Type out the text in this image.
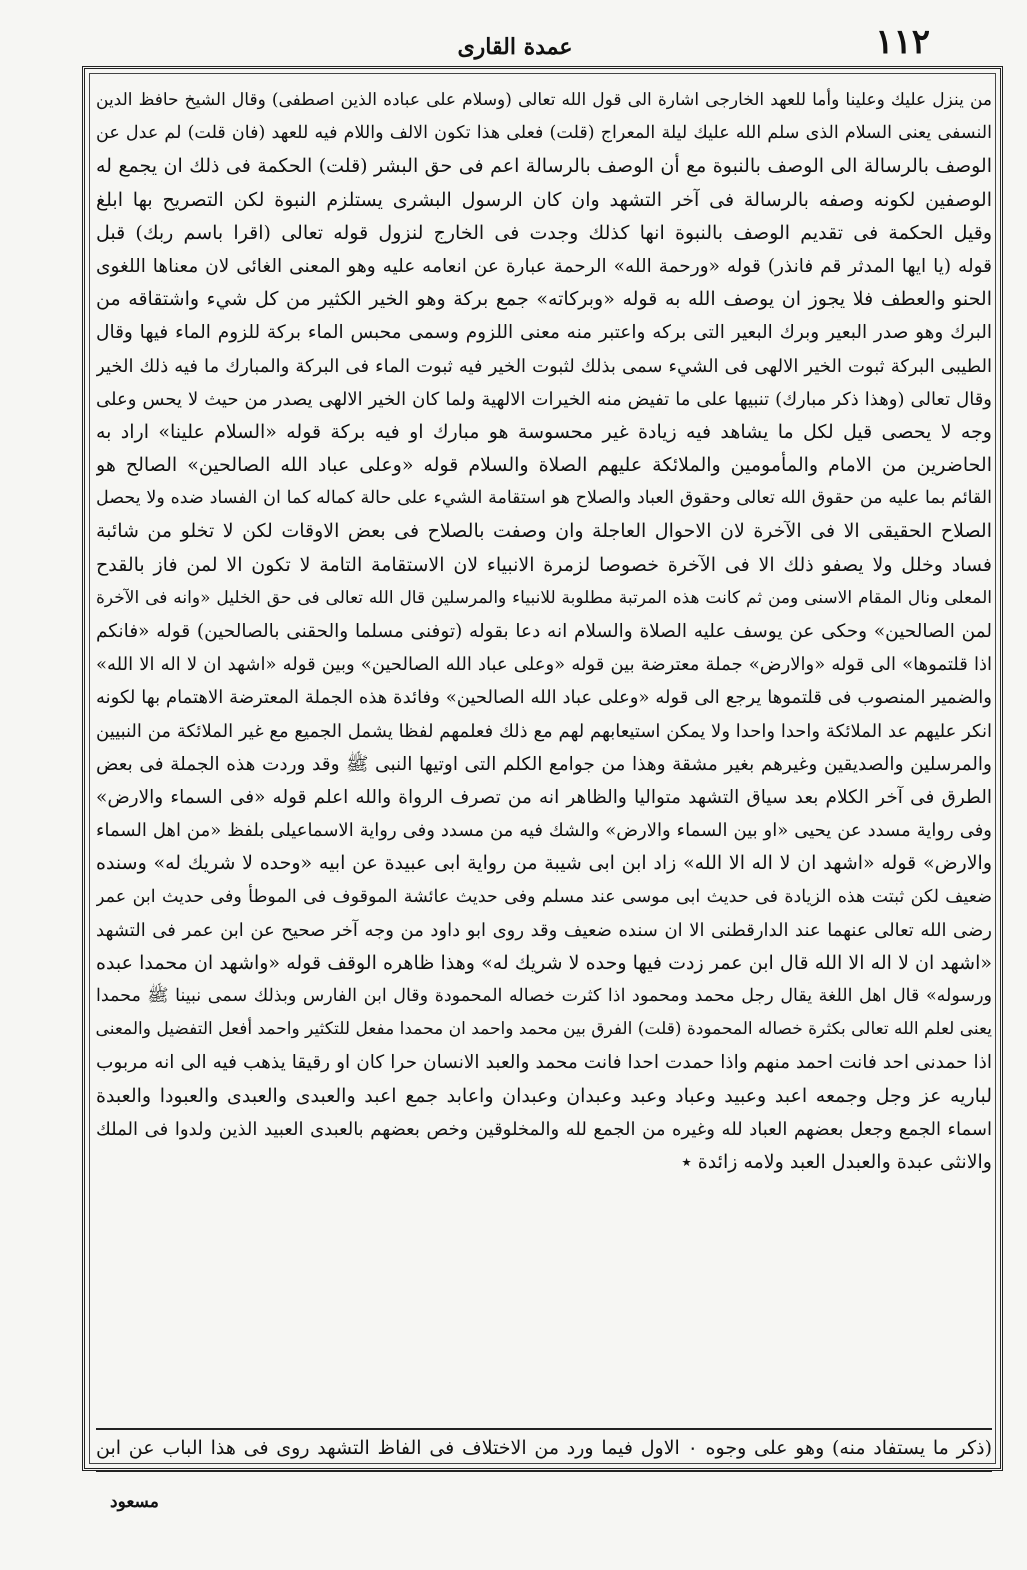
١١٢
عمدة القارى
من ينزل عليك وعلينا وأما للعهد الخارجى اشارة الى قول الله تعالى (وسلام على عباده الذين اصطفى) وقال الشيخ حافظ الدين
النسفى يعنى السلام الذى سلم الله عليك ليلة المعراج (قلت) فعلى هذا تكون الالف واللام فيه للعهد (فان قلت) لم عدل عن
الوصف بالرسالة الى الوصف بالنبوة مع أن الوصف بالرسالة اعم فى حق البشر (قلت) الحكمة فى ذلك ان يجمع له
الوصفين لكونه وصفه بالرسالة فى آخر التشهد وان كان الرسول البشرى يستلزم النبوة لكن التصريح بها ابلغ
وقيل الحكمة فى تقديم الوصف بالنبوة انها كذلك وجدت فى الخارج لنزول قوله تعالى (اقرا باسم ربك) قبل
قوله (يا ايها المدثر قم فانذر) قوله «ورحمة الله» الرحمة عبارة عن انعامه عليه وهو المعنى الغائى لان معناها اللغوى
الحنو والعطف فلا يجوز ان يوصف الله به قوله «وبركاته» جمع بركة وهو الخير الكثير من كل شيء واشتقاقه من
البرك وهو صدر البعير وبرك البعير التى بركه واعتبر منه معنى اللزوم وسمى محبس الماء بركة للزوم الماء فيها وقال
الطيبى البركة ثبوت الخير الالهى فى الشيء سمى بذلك لثبوت الخير فيه ثبوت الماء فى البركة والمبارك ما فيه ذلك الخير
وقال تعالى (وهذا ذكر مبارك) تنبيها على ما تفيض منه الخيرات الالهية ولما كان الخير الالهى يصدر من حيث لا يحس وعلى
وجه لا يحصى قيل لكل ما يشاهد فيه زيادة غير محسوسة هو مبارك او فيه بركة قوله «السلام علينا» اراد به
الحاضرين من الامام والمأمومين والملائكة عليهم الصلاة والسلام قوله «وعلى عباد الله الصالحين» الصالح هو
القائم بما عليه من حقوق الله تعالى وحقوق العباد والصلاح هو استقامة الشيء على حالة كماله كما ان الفساد ضده ولا يحصل
الصلاح الحقيقى الا فى الآخرة لان الاحوال العاجلة وان وصفت بالصلاح فى بعض الاوقات لكن لا تخلو من شائبة
فساد وخلل ولا يصفو ذلك الا فى الآخرة خصوصا لزمرة الانبياء لان الاستقامة التامة لا تكون الا لمن فاز بالقدح
المعلى ونال المقام الاسنى ومن ثم كانت هذه المرتبة مطلوبة للانبياء والمرسلين قال الله تعالى فى حق الخليل «وانه فى الآخرة
لمن الصالحين» وحكى عن يوسف عليه الصلاة والسلام انه دعا بقوله (توفنى مسلما والحقنى بالصالحين) قوله «فانكم
اذا قلتموها» الى قوله «والارض» جملة معترضة بين قوله «وعلى عباد الله الصالحين» وبين قوله «اشهد ان لا اله الا الله»
والضمير المنصوب فى قلتموها يرجع الى قوله «وعلى عباد الله الصالحين» وفائدة هذه الجملة المعترضة الاهتمام بها لكونه
انكر عليهم عد الملائكة واحدا واحدا ولا يمكن استيعابهم لهم مع ذلك فعلمهم لفظا يشمل الجميع مع غير الملائكة من النبيين
والمرسلين والصديقين وغيرهم بغير مشقة وهذا من جوامع الكلم التى اوتيها النبى ﷺ وقد وردت هذه الجملة فى بعض
الطرق فى آخر الكلام بعد سياق التشهد متواليا والظاهر انه من تصرف الرواة والله اعلم قوله «فى السماء والارض»
وفى رواية مسدد عن يحيى «او بين السماء والارض» والشك فيه من مسدد وفى رواية الاسماعيلى بلفظ «من اهل السماء
والارض» قوله «اشهد ان لا اله الا الله» زاد ابن ابى شيبة من رواية ابى عبيدة عن ابيه «وحده لا شريك له» وسنده
ضعيف لكن ثبتت هذه الزيادة فى حديث ابى موسى عند مسلم وفى حديث عائشة الموقوف فى الموطأ وفى حديث ابن عمر
رضى الله تعالى عنهما عند الدارقطنى الا ان سنده ضعيف وقد روى ابو داود من وجه آخر صحيح عن ابن عمر فى التشهد
«اشهد ان لا اله الا الله قال ابن عمر زدت فيها وحده لا شريك له» وهذا ظاهره الوقف قوله «واشهد ان محمدا عبده
ورسوله» قال اهل اللغة يقال رجل محمد ومحمود اذا كثرت خصاله المحمودة وقال ابن الفارس وبذلك سمى نبينا ﷺ محمدا
يعنى لعلم الله تعالى بكثرة خصاله المحمودة (قلت) الفرق بين محمد واحمد ان محمدا مفعل للتكثير واحمد أفعل التفضيل والمعنى
اذا حمدنى احد فانت احمد منهم واذا حمدت احدا فانت محمد والعبد الانسان حرا كان او رقيقا يذهب فيه الى انه مربوب
لباريه عز وجل وجمعه اعبد وعبيد وعباد وعبد وعبدان وعبدان واعابد جمع اعبد والعبدى والعبدى والعبودا والعبدة
اسماء الجمع وجعل بعضهم العباد لله وغيره من الجمع لله والمخلوقين وخص بعضهم بالعبدى العبيد الذين ولدوا فى الملك
والانثى عبدة والعبدل العبد ولامه زائدة ٭
(ذكر ما يستفاد منه) وهو على وجوه ٠ الاول فيما ورد من الاختلاف فى الفاظ التشهد روى فى هذا الباب عن ابن
مسعود
